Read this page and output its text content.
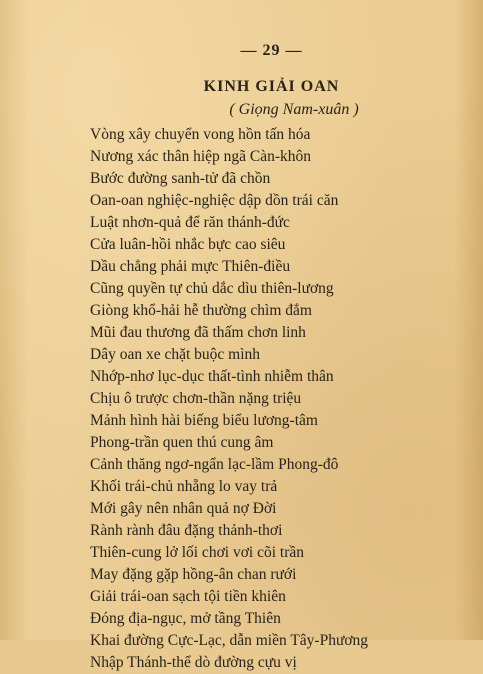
— 29 —
KINH GIẢI OAN
( Giọng Nam-xuân )
Vòng xây chuyển vong hồn tấn hóa
Nương xác thân hiệp ngã Càn-khôn
Bước đường sanh-tử đã chồn
Oan-oan nghiệc-nghiệc dập dồn trái căn
Luật nhơn-quả để răn thánh-đức
Cửa luân-hồi nhắc bực cao siêu
Dầu chẳng phải mực Thiên-điều
Cũng quyền tự chủ dắc dìu thiên-lương
Giòng khổ-hải hễ thường chìm đắm
Mũi đau thương đã thấm chơn linh
Dây oan xe chặt buộc mình
Nhớp-nhơ lục-dục thất-tình nhiễm thân
Chịu ô trược chơn-thần nặng triệu
Mảnh hình hài biếng biểu lương-tâm
Phong-trần quen thú cung âm
Cảnh thăng ngơ-ngẩn lạc-lầm Phong-đô
Khối trái-chủ nhẵng lo vay trả
Mới gây nên nhân quả nợ Đời
Rành rành đâu đặng thảnh-thơi
Thiên-cung lở lối chơi vơi cõi trần
May đặng gặp hồng-ân chan rưới
Giải trái-oan sạch tội tiền khiên
Đóng địa-ngục, mở tầng Thiên
Khai đường Cực-Lạc, dẫn miền Tây-Phương
Nhập Thánh-thể dò đường cựu vị
